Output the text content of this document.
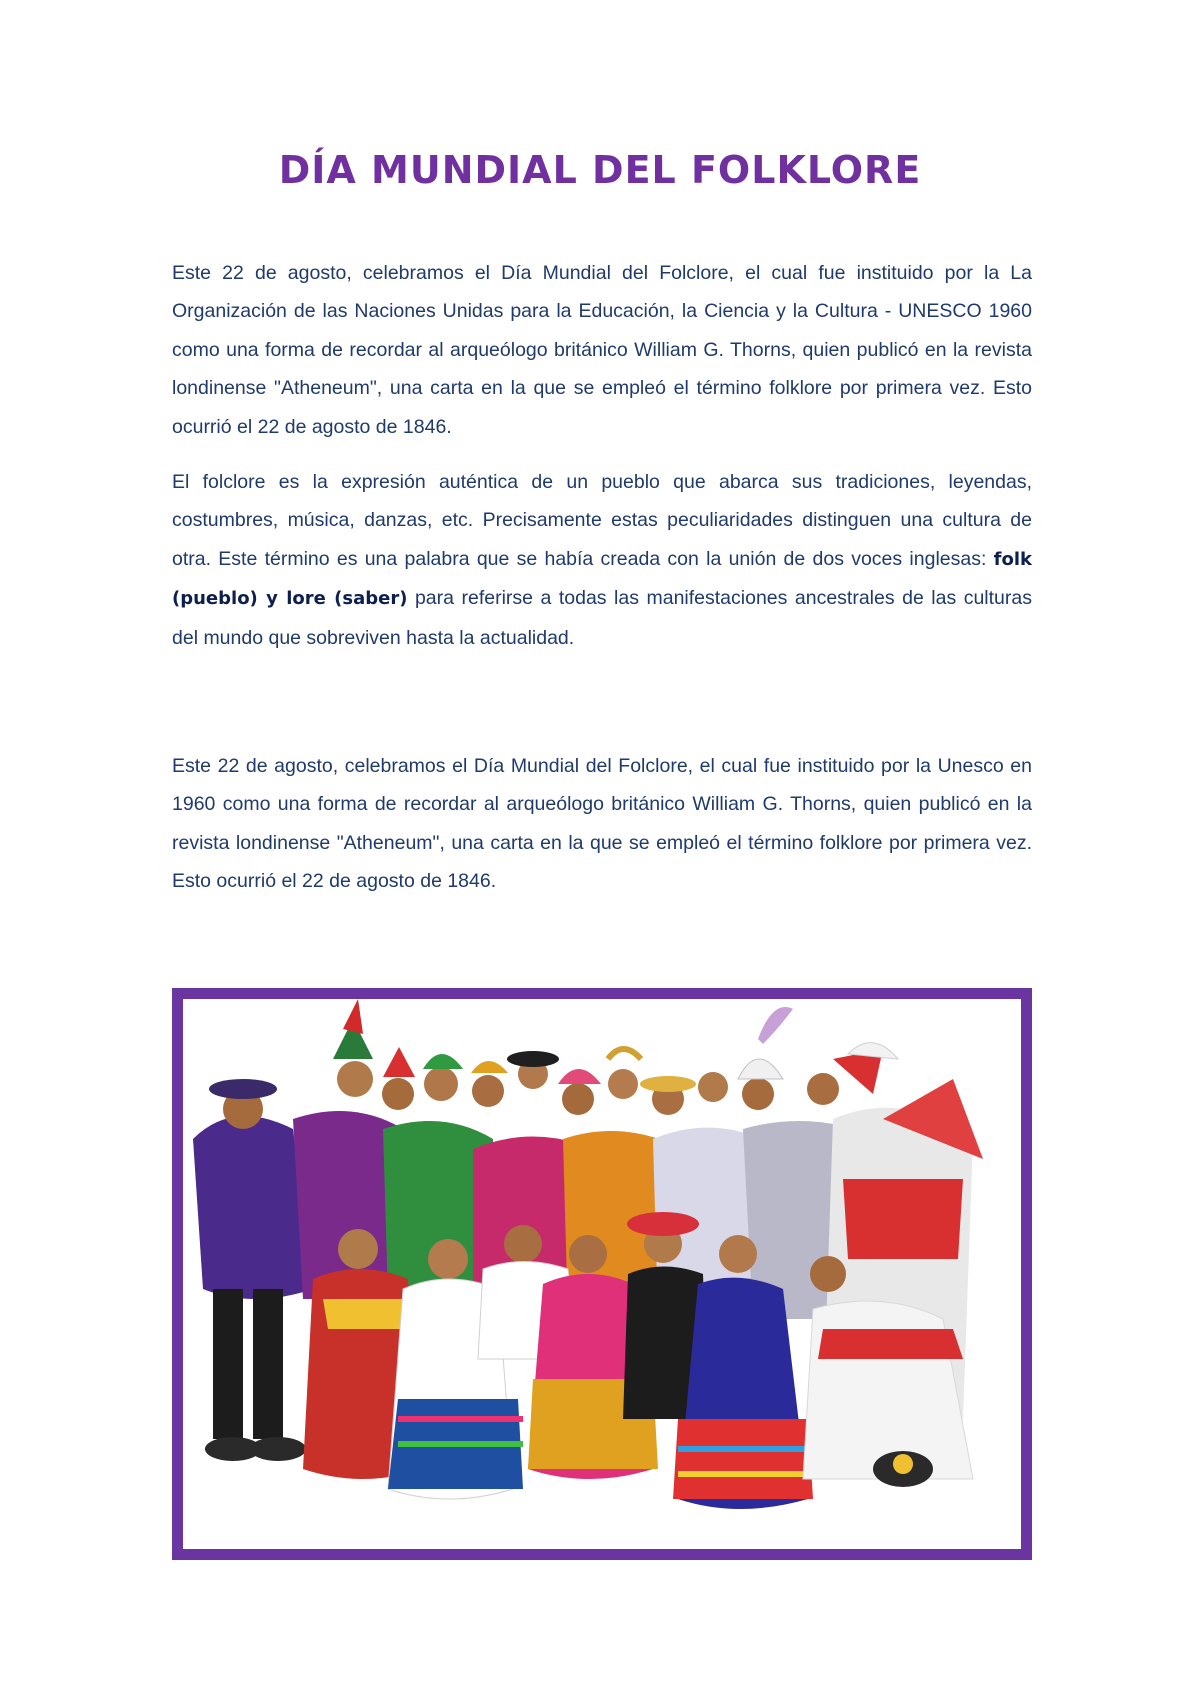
DÍA MUNDIAL DEL FOLKLORE

Este 22 de agosto, celebramos el Día Mundial del Folclore, el cual fue instituido por la La Organización de las Naciones Unidas para la Educación, la Ciencia y la Cultura - UNESCO 1960 como una forma de recordar al arqueólogo británico William G. Thorns, quien publicó en la revista londinense "Atheneum", una carta en la que se empleó el término folklore por primera vez. Esto ocurrió el 22 de agosto de 1846.

El folclore es la expresión auténtica de un pueblo que abarca sus tradiciones, leyendas, costumbres, música, danzas, etc. Precisamente estas peculiaridades distinguen una cultura de otra. Este término es una palabra que se había creada con la unión de dos voces inglesas: folk (pueblo) y lore (saber) para referirse a todas las manifestaciones ancestrales de las culturas del mundo que sobreviven hasta la actualidad.

Este 22 de agosto, celebramos el Día Mundial del Folclore, el cual fue instituido por la Unesco en 1960 como una forma de recordar al arqueólogo británico William G. Thorns, quien publicó en la revista londinense "Atheneum", una carta en la que se empleó el término folklore por primera vez. Esto ocurrió el 22 de agosto de 1846.
